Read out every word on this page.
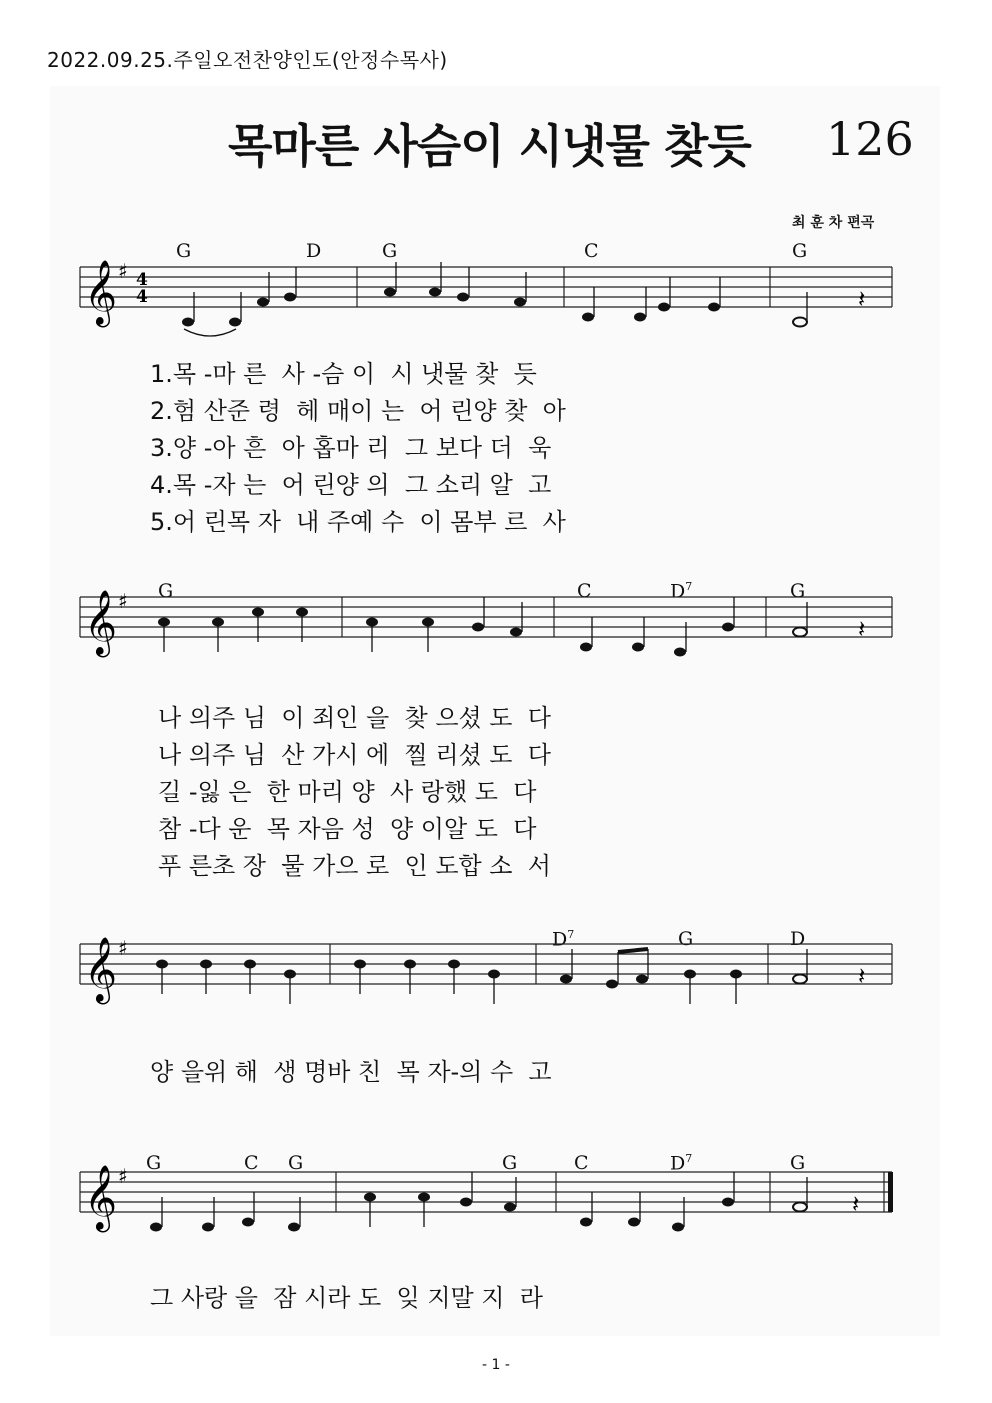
2022.09.25.주일오전찬양인도(안정수목사)
목마른 사슴이 시냇물 찾듯 126
최 훈 차 편곡
G	D	G	C	G
𝄞 ♯ 4
4	𝄽
1.목 -마 른  사 -슴 이  시 냇물 찾  듯
2.험 산준 령  헤 매이 는  어 린양 찾  아
3.양 -아 흔  아 홉마 리  그 보다 더  욱
4.목 -자 는  어 린양 의  그 소리 알  고
5.어 린목 자  내 주예 수  이 몸부 르  사
G	C	$D^7$	G
𝄞 ♯
𝄽
나 의주 님  이 죄인 을  찾 으셨 도  다
나 의주 님  산 가시 에  찔 리셨 도  다
길 -잃 은  한 마리 양  사 랑했 도  다
참 -다 운  목 자음 성  양 이알 도  다
푸 른초 장  물 가으 로  인 도합 소  서
$D^7$	G	D
𝄞 ♯
𝄽
양 을위 해  생 명바 친  목 자-의 수  고
G	C G	G	C	$D^7$	G
𝄞 ♯
𝄽
그 사랑 을  잠 시라 도  잊 지말 지  라
- 1 -
